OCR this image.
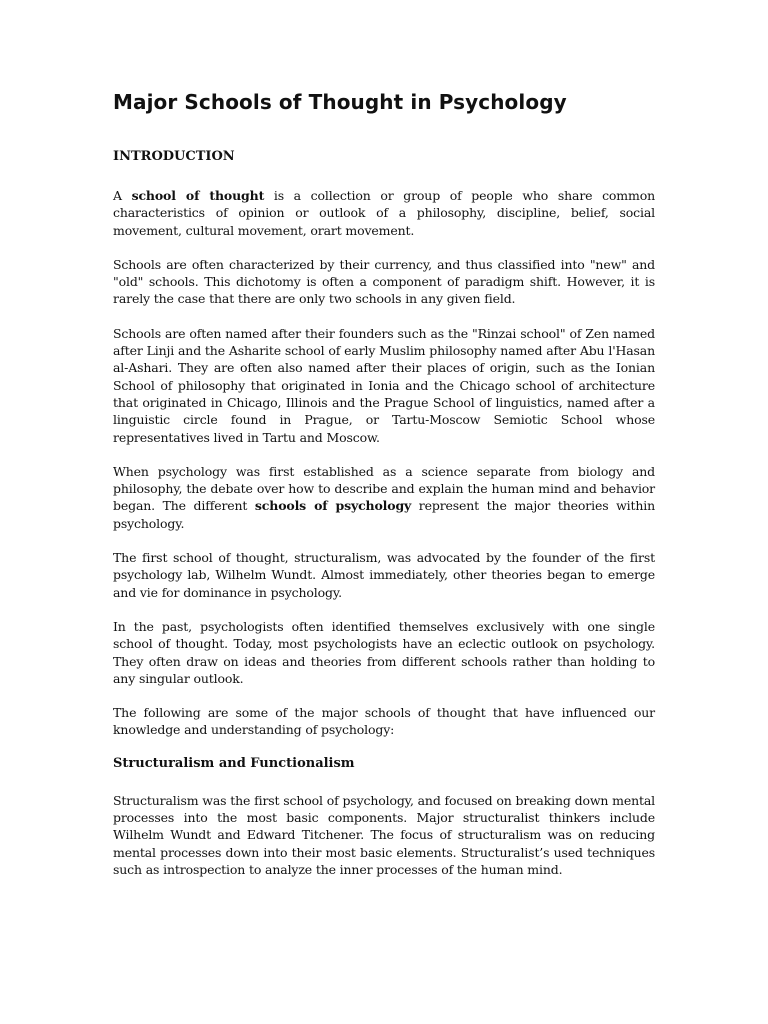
Major Schools of Thought in Psychology
INTRODUCTION

A school of thought is a collection or group of people who share common characteristics of opinion or outlook of a philosophy, discipline, belief, social movement, cultural movement, orart movement.

Schools are often characterized by their currency, and thus classified into "new" and "old" schools. This dichotomy is often a component of paradigm shift. However, it is rarely the case that there are only two schools in any given field.

Schools are often named after their founders such as the "Rinzai school" of Zen named after Linji and the Asharite school of early Muslim philosophy named after Abu l'Hasan al-Ashari. They are often also named after their places of origin, such as the Ionian School of philosophy that originated in Ionia and the Chicago school of architecture that originated in Chicago, Illinois and the Prague School of linguistics, named after a linguistic circle found in Prague, or Tartu-Moscow Semiotic School whose representatives lived in Tartu and Moscow.

When psychology was first established as a science separate from biology and philosophy, the debate over how to describe and explain the human mind and behavior began. The different schools of psychology represent the major theories within psychology.

The first school of thought, structuralism, was advocated by the founder of the first psychology lab, Wilhelm Wundt. Almost immediately, other theories began to emerge and vie for dominance in psychology.

In the past, psychologists often identified themselves exclusively with one single school of thought. Today, most psychologists have an eclectic outlook on psychology. They often draw on ideas and theories from different schools rather than holding to any singular outlook.

The following are some of the major schools of thought that have influenced our knowledge and understanding of psychology:

Structuralism and Functionalism

Structuralism was the first school of psychology, and focused on breaking down mental processes into the most basic components. Major structuralist thinkers include Wilhelm Wundt and Edward Titchener. The focus of structuralism was on reducing mental processes down into their most basic elements. Structuralist’s used techniques such as introspection to analyze the inner processes of the human mind.
